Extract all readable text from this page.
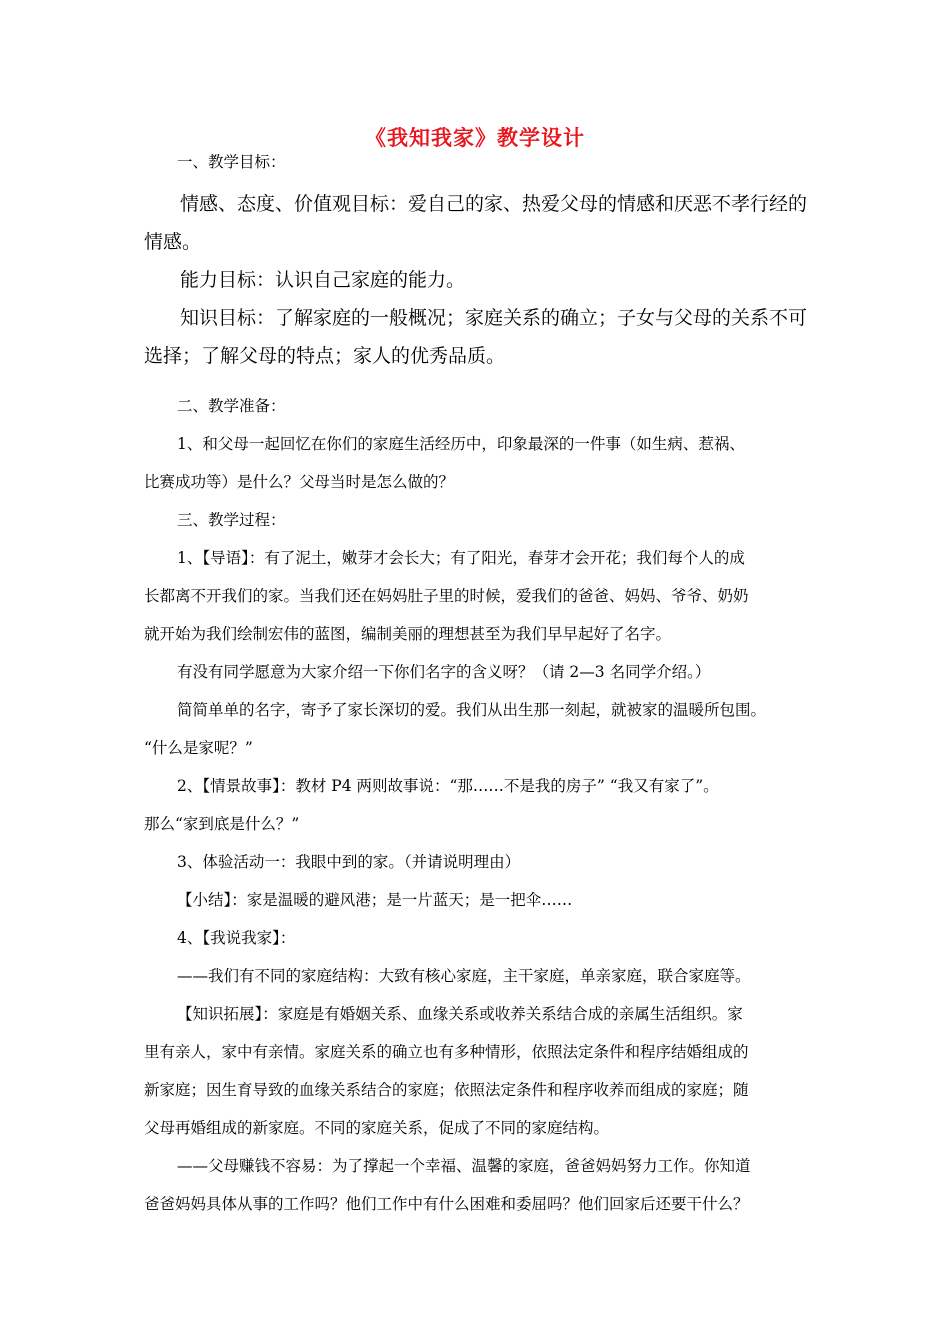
《我知我家》教学设计
一、教学目标：
情感、态度、价值观目标：爱自己的家、热爱父母的情感和厌恶不孝行经的
情感。
能力目标：认识自己家庭的能力。
知识目标：了解家庭的一般概况；家庭关系的确立；子女与父母的关系不可
选择；了解父母的特点；家人的优秀品质。
二、教学准备：
1、和父母一起回忆在你们的家庭生活经历中，印象最深的一件事（如生病、惹祸、
比赛成功等）是什么？父母当时是怎么做的？
三、教学过程：
1、【导语】：有了泥土，嫩芽才会长大；有了阳光，春芽才会开花；我们每个人的成
长都离不开我们的家。当我们还在妈妈肚子里的时候，爱我们的爸爸、妈妈、爷爷、奶奶
就开始为我们绘制宏伟的蓝图，编制美丽的理想甚至为我们早早起好了名字。
有没有同学愿意为大家介绍一下你们名字的含义呀？（请 2—3 名同学介绍。）
简简单单的名字，寄予了家长深切的爱。我们从出生那一刻起，就被家的温暖所包围。
“什么是家呢？”
2、【情景故事】：教材 P4 两则故事说：“那……不是我的房子” “我又有家了”。
那么“家到底是什么？”
3、体验活动一：我眼中到的家。（并请说明理由）
【小结】：家是温暖的避风港；是一片蓝天；是一把伞……
4、【我说我家】：
——我们有不同的家庭结构：大致有核心家庭，主干家庭，单亲家庭，联合家庭等。
【知识拓展】：家庭是有婚姻关系、血缘关系或收养关系结合成的亲属生活组织。家
里有亲人，家中有亲情。家庭关系的确立也有多种情形，依照法定条件和程序结婚组成的
新家庭；因生育导致的血缘关系结合的家庭；依照法定条件和程序收养而组成的家庭；随
父母再婚组成的新家庭。不同的家庭关系，促成了不同的家庭结构。
——父母赚钱不容易：为了撑起一个幸福、温馨的家庭，爸爸妈妈努力工作。你知道
爸爸妈妈具体从事的工作吗？他们工作中有什么困难和委屈吗？他们回家后还要干什么？
